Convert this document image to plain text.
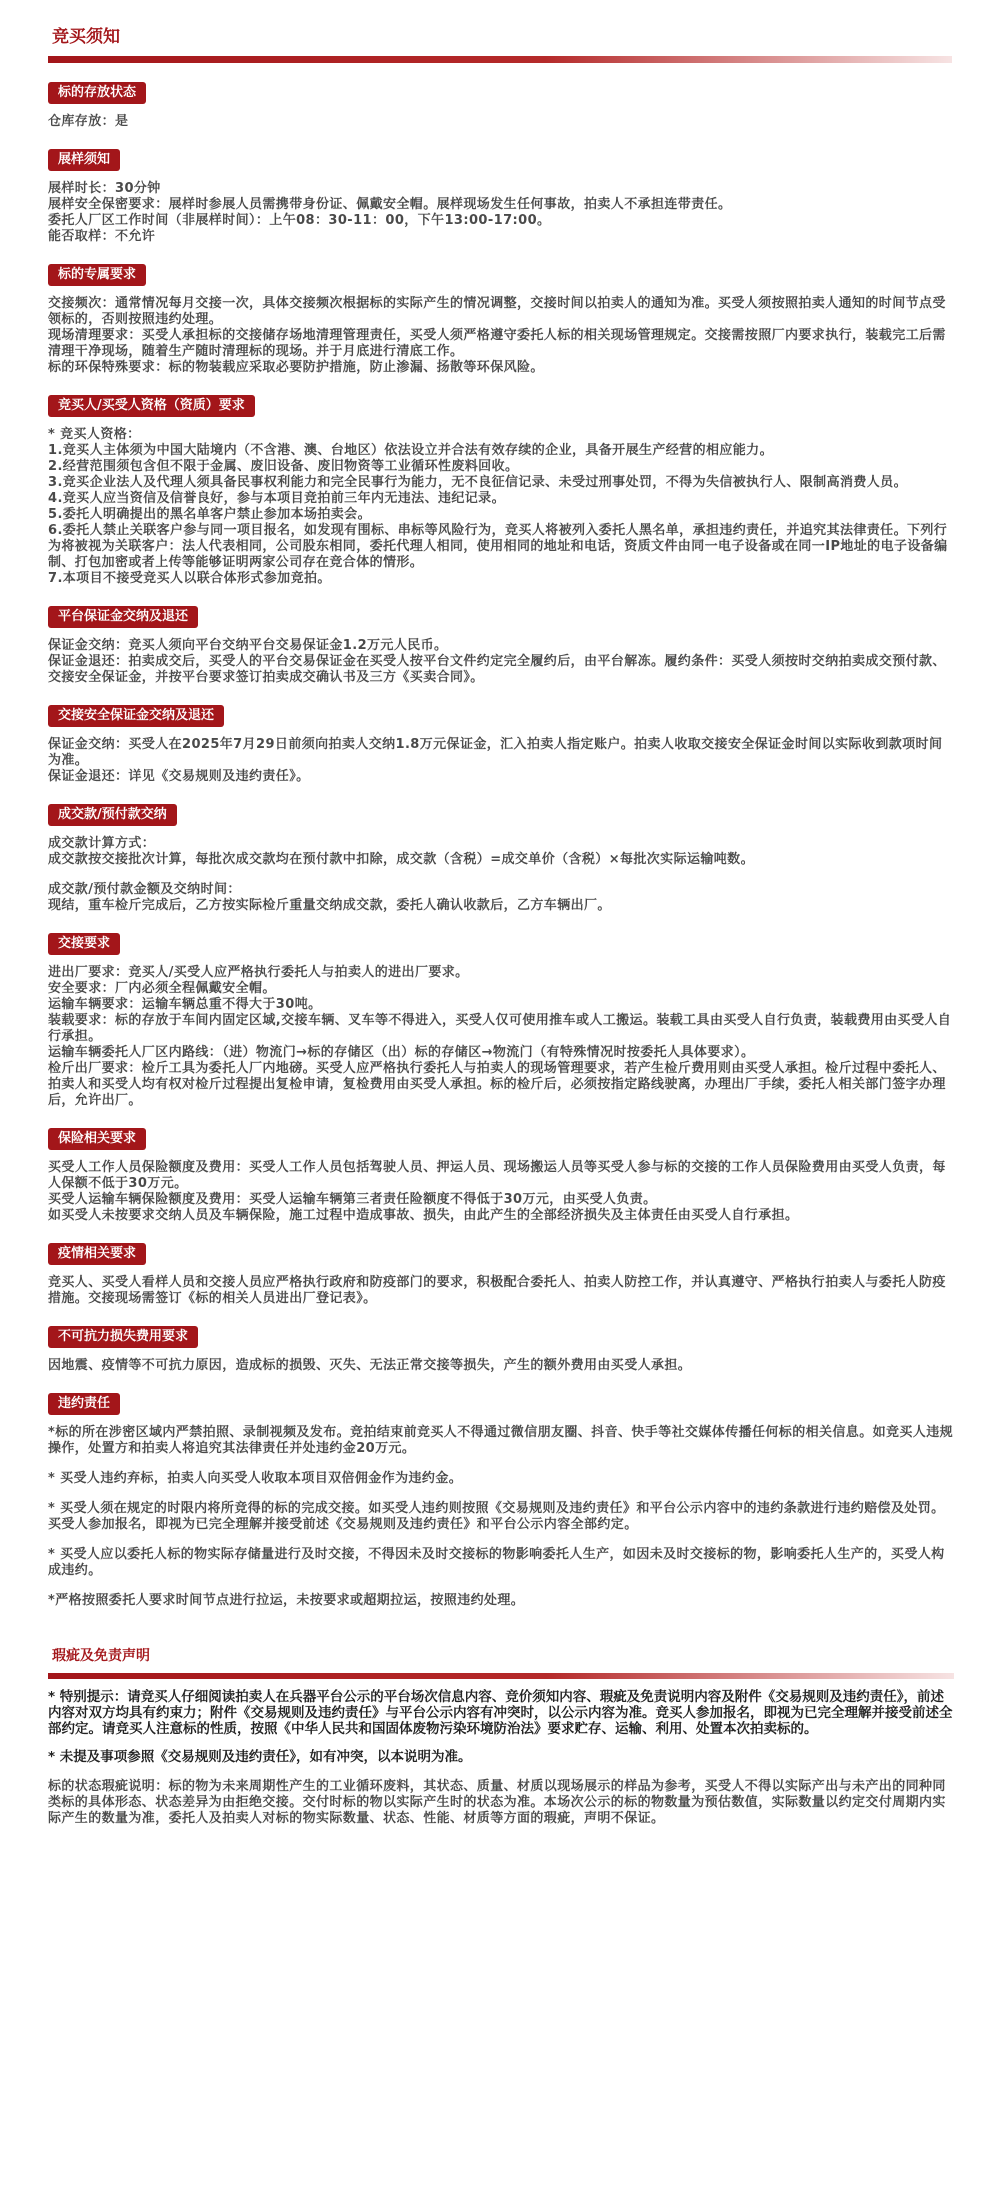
竞买须知
标的存放状态

仓库存放：是

展样须知

展样时长：30分钟

展样安全保密要求：展样时参展人员需携带身份证、佩戴安全帽。展样现场发生任何事故，拍卖人不承担连带责任。

委托人厂区工作时间（非展样时间）：上午08：30-11：00，下午13:00-17:00。

能否取样：不允许

标的专属要求

交接频次：通常情况每月交接一次，具体交接频次根据标的实际产生的情况调整，交接时间以拍卖人的通知为准。买受人须按照拍卖人通知的时间节点受领标的，否则按照违约处理。

现场清理要求：买受人承担标的交接储存场地清理管理责任，买受人须严格遵守委托人标的相关现场管理规定。交接需按照厂内要求执行，装载完工后需清理干净现场，随着生产随时清理标的现场。并于月底进行清底工作。

标的环保特殊要求：标的物装载应采取必要防护措施，防止渗漏、扬散等环保风险。

竞买人/买受人资格（资质）要求

* 竞买人资格：

1.竞买人主体须为中国大陆境内（不含港、澳、台地区）依法设立并合法有效存续的企业，具备开展生产经营的相应能力。

2.经营范围须包含但不限于金属、废旧设备、废旧物资等工业循环性废料回收。

3.竞买企业法人及代理人须具备民事权利能力和完全民事行为能力，无不良征信记录、未受过刑事处罚，不得为失信被执行人、限制高消费人员。

4.竞买人应当资信及信誉良好，参与本项目竞拍前三年内无违法、违纪记录。

5.委托人明确提出的黑名单客户禁止参加本场拍卖会。

6.委托人禁止关联客户参与同一项目报名，如发现有围标、串标等风险行为，竞买人将被列入委托人黑名单，承担违约责任，并追究其法律责任。下列行为将被视为关联客户：法人代表相同，公司股东相同，委托代理人相同，使用相同的地址和电话，资质文件由同一电子设备或在同一IP地址的电子设备编制、打包加密或者上传等能够证明两家公司存在竞合体的情形。

7.本项目不接受竞买人以联合体形式参加竞拍。

平台保证金交纳及退还

保证金交纳：竞买人须向平台交纳平台交易保证金1.2万元人民币。

保证金退还：拍卖成交后，买受人的平台交易保证金在买受人按平台文件约定完全履约后，由平台解冻。履约条件：买受人须按时交纳拍卖成交预付款、交接安全保证金，并按平台要求签订拍卖成交确认书及三方《买卖合同》。

交接安全保证金交纳及退还

保证金交纳：买受人在2025年7月29日前须向拍卖人交纳1.8万元保证金，汇入拍卖人指定账户。拍卖人收取交接安全保证金时间以实际收到款项时间为准。

保证金退还：详见《交易规则及违约责任》。

成交款/预付款交纳

成交款计算方式：

成交款按交接批次计算，每批次成交款均在预付款中扣除，成交款（含税）=成交单价（含税）×每批次实际运输吨数。

成交款/预付款金额及交纳时间：

现结，重车检斤完成后，乙方按实际检斤重量交纳成交款，委托人确认收款后，乙方车辆出厂。

交接要求

进出厂要求：竞买人/买受人应严格执行委托人与拍卖人的进出厂要求。

安全要求：厂内必须全程佩戴安全帽。

运输车辆要求：运输车辆总重不得大于30吨。

装载要求：标的存放于车间内固定区域,交接车辆、叉车等不得进入，买受人仅可使用推车或人工搬运。装载工具由买受人自行负责，装载费用由买受人自行承担。

运输车辆委托人厂区内路线：（进）物流门→标的存储区（出）标的存储区→物流门（有特殊情况时按委托人具体要求）。

检斤出厂要求：检斤工具为委托人厂内地磅。买受人应严格执行委托人与拍卖人的现场管理要求，若产生检斤费用则由买受人承担。检斤过程中委托人、拍卖人和买受人均有权对检斤过程提出复检申请，复检费用由买受人承担。标的检斤后，必须按指定路线驶离，办理出厂手续，委托人相关部门签字办理后，允许出厂。

保险相关要求

买受人工作人员保险额度及费用：买受人工作人员包括驾驶人员、押运人员、现场搬运人员等买受人参与标的交接的工作人员保险费用由买受人负责，每人保额不低于30万元。

买受人运输车辆保险额度及费用：买受人运输车辆第三者责任险额度不得低于30万元，由买受人负责。

如买受人未按要求交纳人员及车辆保险，施工过程中造成事故、损失，由此产生的全部经济损失及主体责任由买受人自行承担。

疫情相关要求

竞买人、买受人看样人员和交接人员应严格执行政府和防疫部门的要求，积极配合委托人、拍卖人防控工作，并认真遵守、严格执行拍卖人与委托人防疫措施。交接现场需签订《标的相关人员进出厂登记表》。

不可抗力损失费用要求

因地震、疫情等不可抗力原因，造成标的损毁、灭失、无法正常交接等损失，产生的额外费用由买受人承担。

违约责任

*标的所在涉密区域内严禁拍照、录制视频及发布。竞拍结束前竞买人不得通过微信朋友圈、抖音、快手等社交媒体传播任何标的相关信息。如竞买人违规操作，处置方和拍卖人将追究其法律责任并处违约金20万元。

* 买受人违约弃标，拍卖人向买受人收取本项目双倍佣金作为违约金。

* 买受人须在规定的时限内将所竞得的标的完成交接。如买受人违约则按照《交易规则及违约责任》和平台公示内容中的违约条款进行违约赔偿及处罚。买受人参加报名，即视为已完全理解并接受前述《交易规则及违约责任》和平台公示内容全部约定。

* 买受人应以委托人标的物实际存储量进行及时交接，不得因未及时交接标的物影响委托人生产，如因未及时交接标的物，影响委托人生产的，买受人构成违约。

*严格按照委托人要求时间节点进行拉运，未按要求或超期拉运，按照违约处理。

瑕疵及免责声明

* 特别提示：请竞买人仔细阅读拍卖人在兵器平台公示的平台场次信息内容、竞价须知内容、瑕疵及免责说明内容及附件《交易规则及违约责任》，前述内容对双方均具有约束力；附件《交易规则及违约责任》与平台公示内容有冲突时，以公示内容为准。竞买人参加报名，即视为已完全理解并接受前述全部约定。请竞买人注意标的性质，按照《中华人民共和国固体废物污染环境防治法》要求贮存、运输、利用、处置本次拍卖标的。

* 未提及事项参照《交易规则及违约责任》，如有冲突，以本说明为准。

标的状态瑕疵说明：标的物为未来周期性产生的工业循环废料，其状态、质量、材质以现场展示的样品为参考，买受人不得以实际产出与未产出的同种同类标的具体形态、状态差异为由拒绝交接。交付时标的物以实际产生时的状态为准。本场次公示的标的物数量为预估数值，实际数量以约定交付周期内实际产生的数量为准，委托人及拍卖人对标的物实际数量、状态、性能、材质等方面的瑕疵，声明不保证。
